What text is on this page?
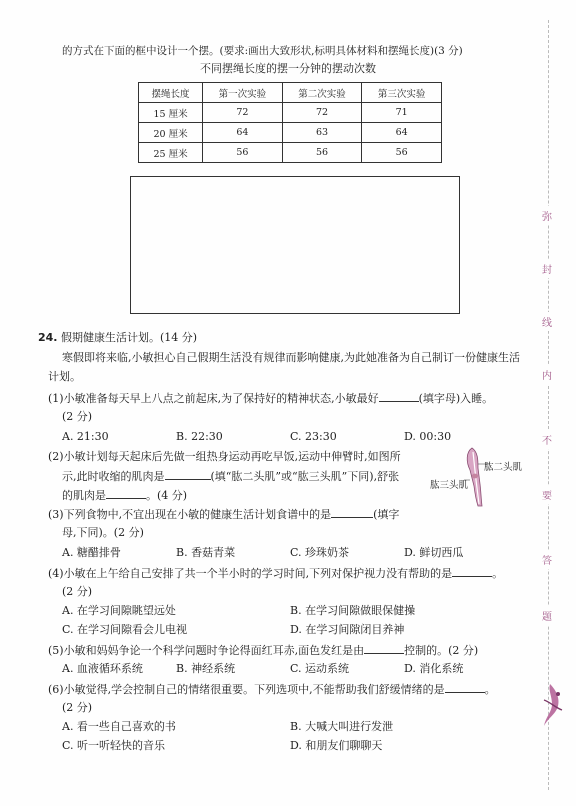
的方式在下面的框中设计一个摆。(要求:画出大致形状,标明具体材料和摆绳长度)(3 分)
不同摆绳长度的摆一分钟的摆动次数
摆绳长度	第一次实验	第二次实验	第三次实验
15 厘米	72	72	71
20 厘米	64	63	64
25 厘米	56	56	56
24. 假期健康生活计划。(14 分)
寒假即将来临,小敏担心自己假期生活没有规律而影响健康,为此她准备为自己制订一份健康生活
计划。
(1)小敏准备每天早上八点之前起床,为了保持好的精神状态,小敏最好	(填字母)入睡。
(2 分)
A. 21:30	B. 22:30	C. 23:30	D. 00:30
(2)小敏计划每天起床后先做一组热身运动再吃早饭,运动中伸臂时,如图所
示,此时收缩的肌肉是	(填“肱二头肌”或“肱三头肌”下同),舒张
的肌肉是	。(4 分)
肱二头肌
肱三头肌
(3)下列食物中,不宜出现在小敏的健康生活计划食谱中的是	(填字
母,下同)。(2 分)
A. 糖醋排骨	B. 香菇青菜	C. 珍珠奶茶	D. 鲜切西瓜
(4)小敏在上午给自己安排了共一个半小时的学习时间,下列对保护视力没有帮助的是	。
(2 分)
A. 在学习间隙眺望远处	B. 在学习间隙做眼保健操
C. 在学习间隙看会儿电视	D. 在学习间隙闭目养神
(5)小敏和妈妈争论一个科学问题时争论得面红耳赤,面色发红是由	控制的。(2 分)
A. 血液循环系统	B. 神经系统	C. 运动系统	D. 消化系统
(6)小敏觉得,学会控制自己的情绪很重要。下列选项中,不能帮助我们舒缓情绪的是	。
(2 分)
A. 看一些自己喜欢的书	B. 大喊大叫进行发泄
C. 听一听轻快的音乐	D. 和朋友们聊聊天
弥
封
线
内
不
要
答
题
